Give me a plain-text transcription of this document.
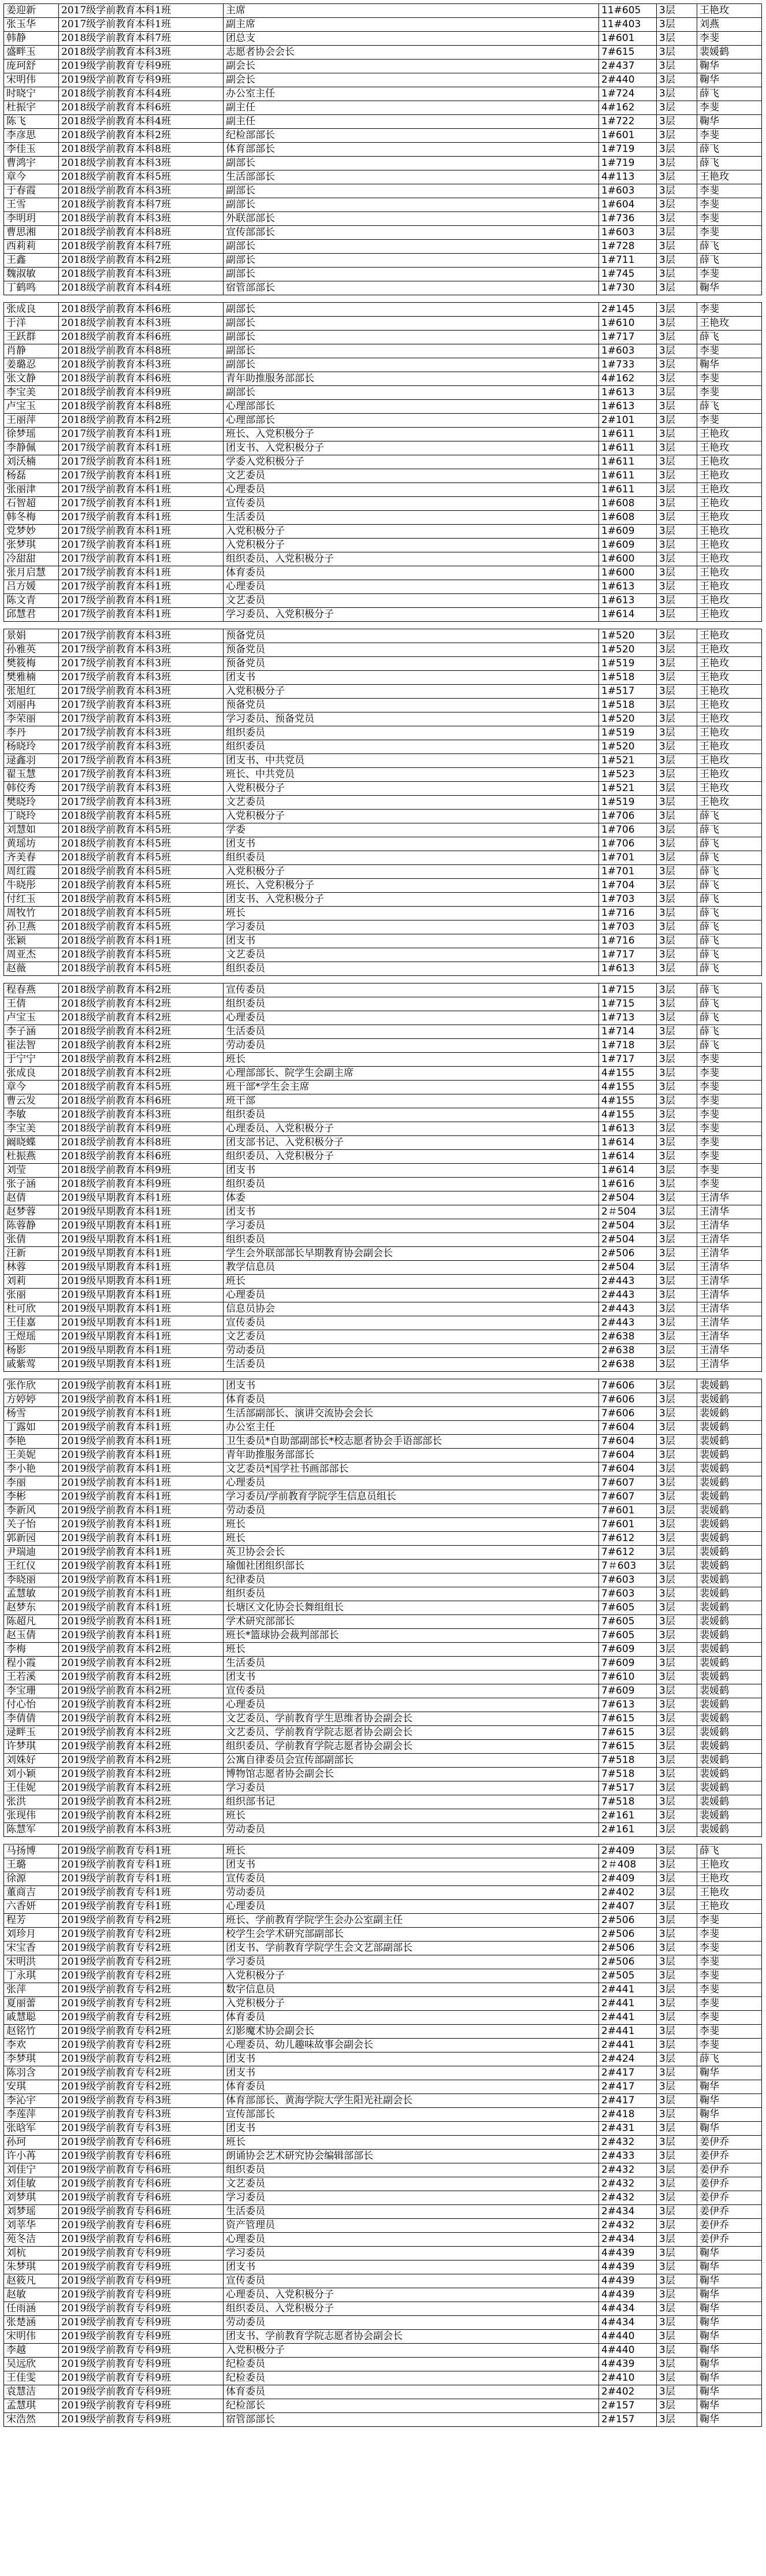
姜迎新	2017级学前教育本科1班	主席	11#605	3层	王艳玫
张玉华	2017级学前教育本科1班	副主席	11#403	3层	刘燕
韩静	2018级学前教育本科7班	团总支	1#601	3层	李斐
盛畔玉	2018级学前教育本科3班	志愿者协会会长	7#615	3层	裴媛鹤
庞珂舒	2019级学前教育专科9班	副会长	2#437	3层	鞠华
宋明伟	2019级学前教育专科9班	副会长	2#440	3层	鞠华
时晓宁	2018级学前教育本科4班	办公室主任	1#724	3层	薛飞
杜振宇	2018级学前教育本科6班	副主任	4#162	3层	李斐
陈飞	2018级学前教育本科4班	副主任	1#722	3层	鞠华
李彦思	2018级学前教育本科2班	纪检部部长	1#601	3层	李斐
李佳玉	2018级学前教育本科8班	体育部部长	1#719	3层	薛飞
曹鸿宇	2018级学前教育本科3班	副部长	1#719	3层	薛飞
章今	2018级学前教育本科5班	生活部部长	4#113	3层	王艳玫
于春霞	2018级学前教育本科3班	副部长	1#603	3层	李斐
王雪	2018级学前教育本科7班	副部长	1#604	3层	李斐
李明玥	2018级学前教育本科3班	外联部部长	1#736	3层	李斐
曹思湘	2018级学前教育本科8班	宣传部部长	1#603	3层	李斐
西莉莉	2018级学前教育本科7班	副部长	1#728	3层	薛飞
王鑫	2018级学前教育本科2班	副部长	1#711	3层	薛飞
魏淑敏	2018级学前教育本科3班	副部长	1#745	3层	李斐
丁鹤鸣	2018级学前教育本科4班	宿管部部长	1#730	3层	鞠华

张成良	2018级学前教育本科6班	副部长	2#145	3层	李斐
于洋	2018级学前教育本科3班	副部长	1#610	3层	王艳玫
王跃群	2018级学前教育本科6班	副部长	1#717	3层	薛飞
肖静	2018级学前教育本科8班	副部长	1#603	3层	李斐
姜璐忍	2018级学前教育本科3班	副部长	1#733	3层	鞠华
张文静	2018级学前教育本科6班	青年助推服务部部长	4#162	3层	李斐
李宝美	2018级学前教育本科9班	副部长	1#613	3层	李斐
卢宝玉	2018级学前教育本科8班	心理部部长	1#613	3层	薛飞
王丽萍	2018级学前教育本科2班	心理部部长	2#101	3层	李斐
徐梦瑶	2017级学前教育本科1班	班长、入党积极分子	1#611	3层	王艳玫
李静佩	2017级学前教育本科1班	团支书、入党积极分子	1#611	3层	王艳玫
刘沃楠	2017级学前教育本科1班	学委入党积极分子	1#611	3层	王艳玫
杨磊	2017级学前教育本科1班	文艺委员	1#611	3层	王艳玫
张丽津	2017级学前教育本科1班	心理委员	1#611	3层	王艳玫
石智超	2017级学前教育本科1班	宣传委员	1#608	3层	王艳玫
韩冬梅	2017级学前教育本科1班	生活委员	1#608	3层	王艳玫
党梦妙	2017级学前教育本科1班	入党积极分子	1#609	3层	王艳玫
张梦琪	2017级学前教育本科1班	入党积极分子	1#609	3层	王艳玫
冷甜甜	2017级学前教育本科1班	组织委员、入党积极分子	1#600	3层	王艳玫
张月启慧	2017级学前教育本科1班	体育委员	1#600	3层	王艳玫
吕方媛	2017级学前教育本科1班	心理委员	1#613	3层	王艳玫
陈文青	2017级学前教育本科1班	文艺委员	1#613	3层	王艳玫
邱慧君	2017级学前教育本科1班	学习委员、入党积极分子	1#614	3层	王艳玫

景娟	2017级学前教育本科3班	预备党员	1#520	3层	王艳玫
孙雅英	2017级学前教育本科3班	预备党员	1#520	3层	王艳玫
樊筱梅	2017级学前教育本科3班	预备党员	1#519	3层	王艳玫
樊雅楠	2017级学前教育本科3班	团支书	1#518	3层	王艳玫
张旭红	2017级学前教育本科3班	入党积极分子	1#517	3层	王艳玫
刘丽冉	2017级学前教育本科3班	预备党员	1#518	3层	王艳玫
李荣丽	2017级学前教育本科3班	学习委员、预备党员	1#520	3层	王艳玫
李丹	2017级学前教育本科3班	组织委员	1#519	3层	王艳玫
杨晓玲	2017级学前教育本科3班	组织委员	1#520	3层	王艳玫
逯鑫羽	2017级学前教育本科3班	团支书、中共党员	1#521	3层	王艳玫
翟玉慧	2017级学前教育本科3班	班长、中共党员	1#523	3层	王艳玫
韩佼秀	2017级学前教育本科3班	入党积极分子	1#521	3层	王艳玫
樊晓玲	2017级学前教育本科3班	文艺委员	1#519	3层	王艳玫
丁晓玲	2018级学前教育本科5班	入党积极分子	1#706	3层	薛飞
刘慧如	2018级学前教育本科5班	学委	1#706	3层	薛飞
黄瑶坊	2018级学前教育本科5班	团支书	1#706	3层	薛飞
齐美春	2018级学前教育本科5班	组织委员	1#701	3层	薛飞
周红霞	2018级学前教育本科5班	入党积极分子	1#701	3层	薛飞
牛晓彤	2018级学前教育本科5班	班长、入党积极分子	1#704	3层	薛飞
付红玉	2018级学前教育本科5班	团支书、入党积极分子	1#703	3层	薛飞
周牧竹	2018级学前教育本科5班	班长	1#716	3层	薛飞
孙卫燕	2018级学前教育本科5班	学习委员	1#703	3层	薛飞
张颖	2018级学前教育本科1班	团支书	1#716	3层	薛飞
周亚杰	2018级学前教育本科5班	文艺委员	1#717	3层	薛飞
赵薇	2018级学前教育本科5班	组织委员	1#613	3层	薛飞

程春燕	2018级学前教育本科2班	宣传委员	1#715	3层	薛飞
王倩	2018级学前教育本科2班	组织委员	1#715	3层	薛飞
卢宝玉	2018级学前教育本科2班	心理委员	1#713	3层	薛飞
李子涵	2018级学前教育本科2班	生活委员	1#714	3层	薛飞
崔法智	2018级学前教育本科2班	劳动委员	1#718	3层	薛飞
于宁宁	2018级学前教育本科2班	班长	1#717	3层	李斐
张成良	2018级学前教育本科2班	心理部部长、院学生会副主席	4#155	3层	李斐
章今	2018级学前教育本科5班	班干部*学生会主席	4#155	3层	李斐
曹云发	2018级学前教育本科6班	班干部	4#155	3层	李斐
李敏	2018级学前教育本科3班	组织委员	4#155	3层	李斐
李宝美	2018级学前教育本科9班	心理委员、入党积极分子	1#613	3层	李斐
阚晓蝶	2018级学前教育本科8班	团支部书记、入党积极分子	1#614	3层	李斐
杜振燕	2018级学前教育本科6班	组织委员、入党积极分子	1#614	3层	李斐
刘莹	2018级学前教育本科9班	团支书	1#614	3层	李斐
张子涵	2018级学前教育本科9班	组织委员	1#616	3层	李斐
赵倩	2019级早期教育本科1班	体委	2#504	3层	王清华
赵梦蓉	2019级早期教育本科1班	团支书	2＃504	3层	王清华
陈蓉静	2019级早期教育本科1班	学习委员	2#504	3层	王清华
张倩	2019级早期教育本科1班	组织委员	2#504	3层	王清华
汪新	2019级早期教育本科1班	学生会外联部部长早期教育协会副会长	2#506	3层	王清华
林蓉	2019级早期教育本科1班	教学信息员	2#504	3层	王清华
刘莉	2019级早期教育本科1班	班长	2#443	3层	王清华
张丽	2019级早期教育本科1班	心理委员	2#443	3层	王清华
杜可欣	2019级早期教育本科1班	信息员协会	2#443	3层	王清华
王佳嘉	2019级早期教育本科1班	宣传委员	2#443	3层	王清华
王煜瑶	2019级早期教育本科1班	文艺委员	2#638	3层	王清华
杨影	2019级早期教育本科1班	劳动委员	2#638	3层	王清华
戚紫莺	2019级早期教育本科1班	生活委员	2#638	3层	王清华

张作欣	2019级学前教育本科1班	团支书	7#606	3层	裴媛鹤
方婷婷	2019级学前教育本科1班	体育委员	7#606	3层	裴媛鹤
杨雪	2019级学前教育本科1班	生活部副部长、演讲交流协会会长	7#606	3层	裴媛鹤
丁露如	2019级学前教育本科1班	办公室主任	7#604	3层	裴媛鹤
李艳	2019级学前教育本科1班	卫生委员*自助部副部长*校志愿者协会手语部部长	7#604	3层	裴媛鹤
王美妮	2019级学前教育本科1班	青年助推服务部部长	7#604	3层	裴媛鹤
李小艳	2019级学前教育本科1班	文艺委员*国学社书画部部长	7#604	3层	裴媛鹤
李丽	2019级学前教育本科1班	心理委员	7#607	3层	裴媛鹤
李彬	2019级学前教育本科1班	学习委员/学前教育学院学生信息员组长	7#607	3层	裴媛鹤
李新风	2019级学前教育本科1班	劳动委员	7#601	3层	裴媛鹤
关子怡	2019级学前教育本科1班	班长	7#601	3层	裴媛鹤
郭新园	2019级学前教育本科1班	班长	7#612	3层	裴媛鹤
尹瑞迪	2019级学前教育本科1班	英卫协会会长	7#612	3层	裴媛鹤
王红仪	2019级学前教育本科1班	瑜伽社团组织部长	7＃603	3层	裴媛鹤
李晓丽	2019级学前教育本科1班	纪律委员	7#603	3层	裴媛鹤
孟慧敏	2019级学前教育本科1班	组织委员	7#603	3层	裴媛鹤
赵梦东	2019级学前教育本科1班	长塘区文化协会长舞组组长	7#605	3层	裴媛鹤
陈超凡	2019级学前教育本科1班	学术研究部部长	7#605	3层	裴媛鹤
赵玉倩	2019级学前教育本科1班	班长*篮球协会裁判部部长	7#605	3层	裴媛鹤
李梅	2019级学前教育本科2班	班长	7#609	3层	裴媛鹤
程小霞	2019级学前教育本科2班	生活委员	7#609	3层	裴媛鹤
王若溪	2019级学前教育本科2班	团支书	7#610	3层	裴媛鹤
李宝珊	2019级学前教育本科2班	宣传委员	7#609	3层	裴媛鹤
付心怡	2019级学前教育本科2班	心理委员	7#613	3层	裴媛鹤
李倩倩	2019级学前教育本科2班	文艺委员、学前教育学生思维者协会副会长	7#615	3层	裴媛鹤
逯畔玉	2019级学前教育本科2班	文艺委员、学前教育学院志愿者协会副会长	7#615	3层	裴媛鹤
许梦琪	2019级学前教育本科2班	组织委员、学前教育学院志愿者协会副会长	7#615	3层	裴媛鹤
刘姝好	2019级学前教育本科2班	公寓自律委员会宣传部副部长	7#518	3层	裴媛鹤
刘小颖	2019级学前教育本科2班	博物馆志愿者协会副会长	7#518	3层	裴媛鹤
王佳妮	2019级学前教育本科2班	学习委员	7#517	3层	裴媛鹤
张洪	2019级学前教育本科2班	组织部书记	7#518	3层	裴媛鹤
张现伟	2019级学前教育本科2班	班长	2#161	3层	裴媛鹤
陈慧军	2019级学前教育本科3班	劳动委员	2#161	3层	裴媛鹤

马扬博	2019级学前教育专科1班	班长	2#409	3层	薛飞
王璐	2019级学前教育专科1班	团支书	2＃408	3层	王艳玫
徐源	2019级学前教育专科1班	宣传委员	2#409	3层	王艳玫
董商吉	2019级学前教育专科1班	劳动委员	2#402	3层	王艳玫
六香妍	2019级学前教育专科1班	心理委员	2#407	3层	王艳玫
程芳	2019级学前教育专科2班	班长、学前教育学院学生会办公室副主任	2#506	3层	李斐
刘珍月	2019级学前教育专科2班	校学生会学术研究部副部长	2#506	3层	李斐
宋宝香	2019级学前教育专科2班	团支书、学前教育学院学生会文艺部副部长	2#506	3层	李斐
宋明洪	2019级学前教育专科2班	学习委员	2#506	3层	李斐
丁永琪	2019级学前教育专科2班	入党积极分子	2#505	3层	李斐
张萍	2019级学前教育专科2班	数字信息员	2#441	3层	李斐
夏丽蕾	2019级学前教育专科2班	入党积极分子	2#441	3层	李斐
戚慧聪	2019级学前教育专科2班	体育委员	2#441	3层	李斐
赵铭竹	2019级学前教育专科2班	幻影魔术协会副会长	2#441	3层	李斐
李欢	2019级学前教育专科2班	心理委员、幼儿趣味故事会副会长	2#441	3层	李斐
李梦琪	2019级学前教育专科2班	团支书	2#424	3层	薛飞
陈羽含	2019级学前教育专科2班	团支书	2#417	3层	鞠华
安琪	2019级学前教育专科2班	体育委员	2#417	3层	鞠华
李沁宇	2019级学前教育专科3班	体育部部长、黄海学院大学生阳光社副会长	2#417	3层	鞠华
李莲萍	2019级学前教育专科3班	宣传部部长	2#418	3层	鞠华
张晗军	2019级学前教育专科3班	团支书	2#431	3层	鞠华
孙珂	2019级学前教育专科6班	班长	2#432	3层	姜伊乔
许小苒	2019级学前教育专科6班	朗诵协会艺术研究协会编辑部部长	2#433	3层	姜伊乔
刘佳宁	2019级学前教育专科6班	组织委员	2#432	3层	姜伊乔
刘佳敏	2019级学前教育专科6班	文艺委员	2#432	3层	姜伊乔
刘梦琪	2019级学前教育专科6班	学习委员	2#432	3层	姜伊乔
刘梦瑶	2019级学前教育专科6班	生活委员	2#434	3层	姜伊乔
刘莘华	2019级学前教育专科6班	资产管理员	2#432	3层	姜伊乔
苑冬洁	2019级学前教育专科6班	心理委员	2#434	3层	姜伊乔
刘杭	2019级学前教育专科9班	学习委员	4#439	3层	鞠华
朱梦琪	2019级学前教育专科9班	团支书	4#439	3层	鞠华
赵筱凡	2019级学前教育专科9班	宣传委员	4#439	3层	鞠华
赵敏	2019级学前教育专科9班	心理委员、入党积极分子	4#439	3层	鞠华
任雨涵	2019级学前教育专科9班	组织委员、入党积极分子	4#434	3层	鞠华
张楚涵	2019级学前教育专科9班	劳动委员	4#434	3层	鞠华
宋明伟	2019级学前教育专科9班	团支书、学前教育学院志愿者协会副会长	4#440	3层	鞠华
李越	2019级学前教育专科9班	入党积极分子	4#440	3层	鞠华
吴远欣	2019级学前教育专科9班	纪检委员	4#439	3层	鞠华
王佳雯	2019级学前教育专科9班	纪检委员	2#410	3层	鞠华
袁慧洁	2019级学前教育专科9班	体育委员	2#402	3层	鞠华
孟慧琪	2019级学前教育专科9班	纪检部长	2#157	3层	鞠华
宋浩然	2019级学前教育专科9班	宿管部部长	2#157	3层	鞠华
